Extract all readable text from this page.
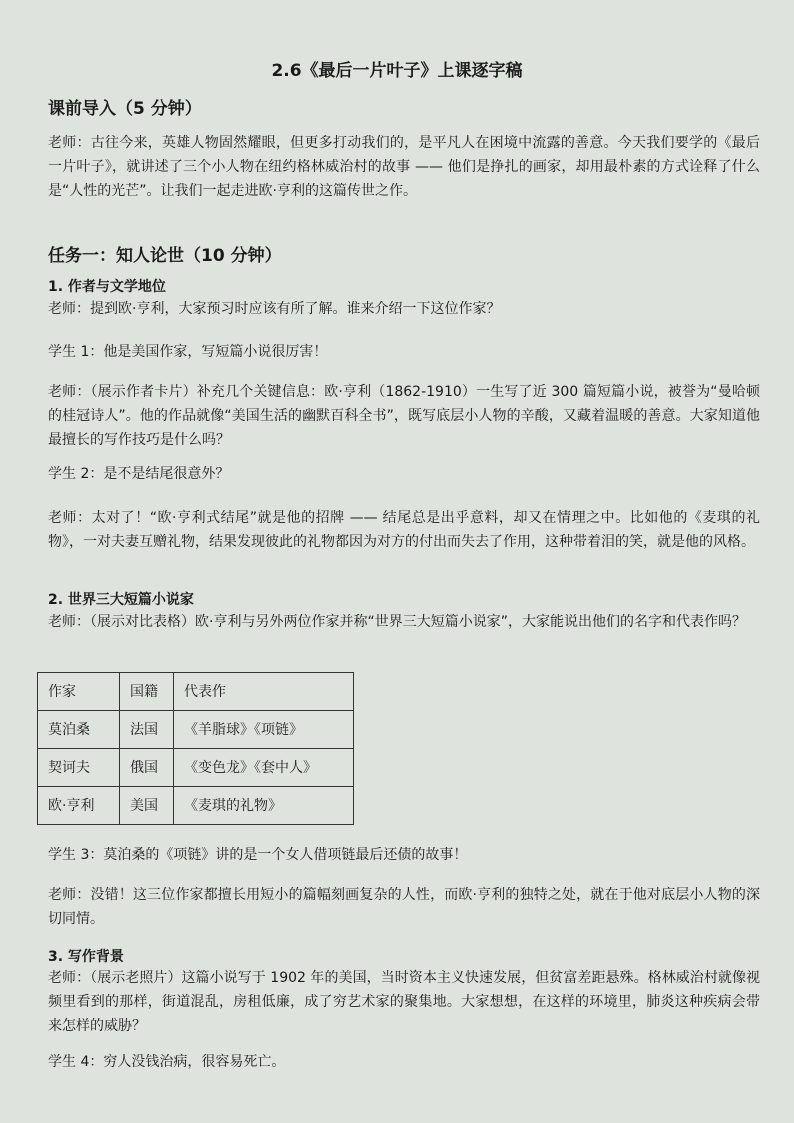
2.6《最后一片叶子》上课逐字稿
课前导入（5 分钟）
老师：古往今来，英雄人物固然耀眼，但更多打动我们的，是平凡人在困境中流露的善意。今天我们要学的《最后一片叶子》，就讲述了三个小人物在纽约格林威治村的故事 —— 他们是挣扎的画家，却用最朴素的方式诠释了什么是“人性的光芒”。让我们一起走进欧·亨利的这篇传世之作。
任务一：知人论世（10 分钟）
1. 作者与文学地位
老师：提到欧·亨利，大家预习时应该有所了解。谁来介绍一下这位作家？
学生 1：他是美国作家，写短篇小说很厉害！
老师：（展示作者卡片）补充几个关键信息：欧·亨利（1862-1910）一生写了近 300 篇短篇小说，被誉为“曼哈顿的桂冠诗人”。他的作品就像“美国生活的幽默百科全书”，既写底层小人物的辛酸，又藏着温暖的善意。大家知道他最擅长的写作技巧是什么吗？
学生 2：是不是结尾很意外？
老师：太对了！“欧·亨利式结尾”就是他的招牌 —— 结尾总是出乎意料，却又在情理之中。比如他的《麦琪的礼物》，一对夫妻互赠礼物，结果发现彼此的礼物都因为对方的付出而失去了作用，这种带着泪的笑，就是他的风格。
2. 世界三大短篇小说家
老师：（展示对比表格）欧·亨利与另外两位作家并称“世界三大短篇小说家”，大家能说出他们的名字和代表作吗？
作家	国籍	代表作
莫泊桑	法国	《羊脂球》《项链》
契诃夫	俄国	《变色龙》《套中人》
欧·亨利	美国	《麦琪的礼物》
学生 3：莫泊桑的《项链》讲的是一个女人借项链最后还债的故事！
老师：没错！这三位作家都擅长用短小的篇幅刻画复杂的人性，而欧·亨利的独特之处，就在于他对底层小人物的深切同情。
3. 写作背景
老师：（展示老照片）这篇小说写于 1902 年的美国，当时资本主义快速发展，但贫富差距悬殊。格林威治村就像视频里看到的那样，街道混乱，房租低廉，成了穷艺术家的聚集地。大家想想，在这样的环境里，肺炎这种疾病会带来怎样的威胁？
学生 4：穷人没钱治病，很容易死亡。
